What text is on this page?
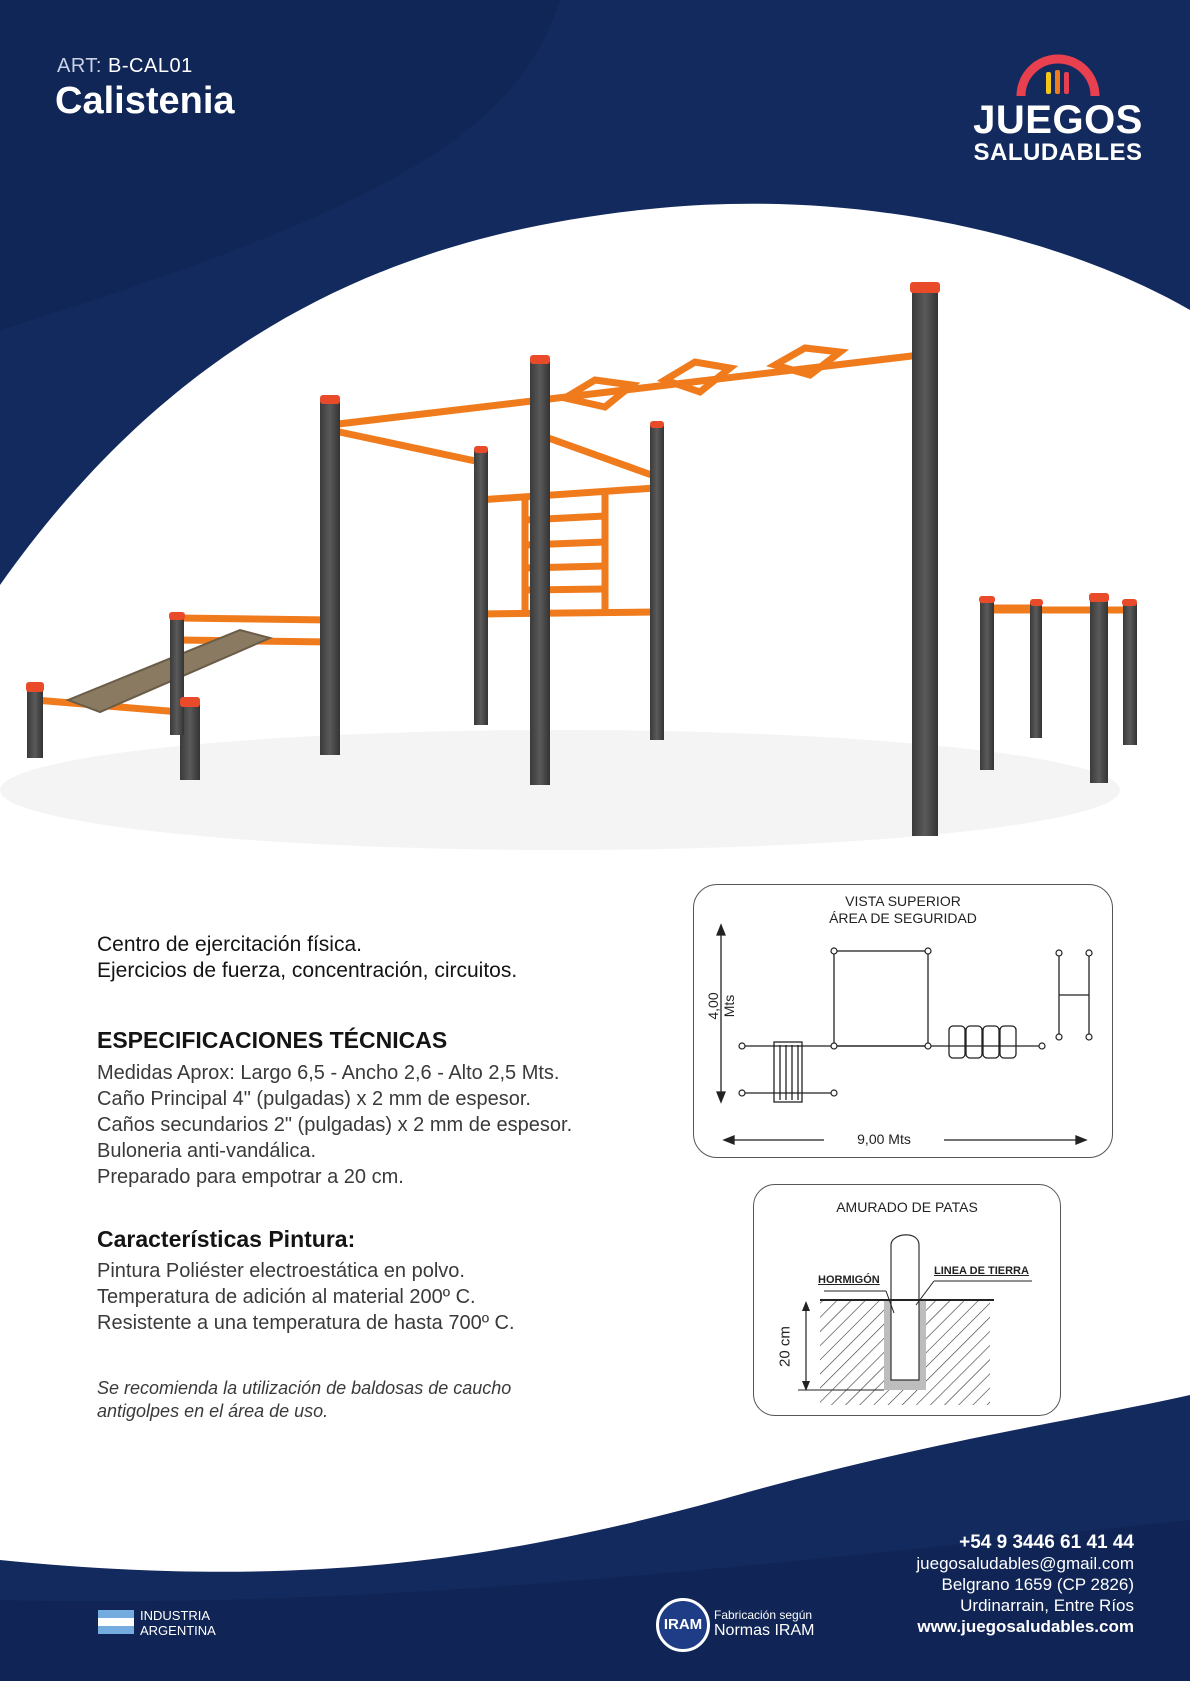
ART: B-CAL01
Calistenia	JUEGOS
SALUDABLES
Centro de ejercitación física.
Ejercicios de fuerza, concentración, circuitos.
ESPECIFICACIONES TÉCNICAS
Medidas Aprox: Largo 6,5 - Ancho 2,6 - Alto 2,5 Mts.
Caño Principal 4" (pulgadas) x 2 mm de espesor.
Caños secundarios 2" (pulgadas) x 2 mm de espesor.
Buloneria anti-vandálica.
Preparado para empotrar a 20 cm.
Características Pintura:
Pintura Poliéster electroestática en polvo.
Temperatura de adición al material 200º C.
Resistente a una temperatura de hasta 700º C.
Se recomienda la utilización de baldosas de caucho
antigolpes en el área de uso.
VISTA SUPERIOR
ÁREA DE SEGURIDAD
4,00 Mts
9,00 Mts
AMURADO DE PATAS
HORMIGÓN
LINEA DE TIERRA
20 cm
+54 9 3446 61 41 44
juegosaludables@gmail.com
Belgrano 1659 (CP 2826)
Urdinarrain, Entre Ríos
www.juegosaludables.com
INDUSTRIA
ARGENTINA	IRAM
Fabricación según
Normas IRAM
